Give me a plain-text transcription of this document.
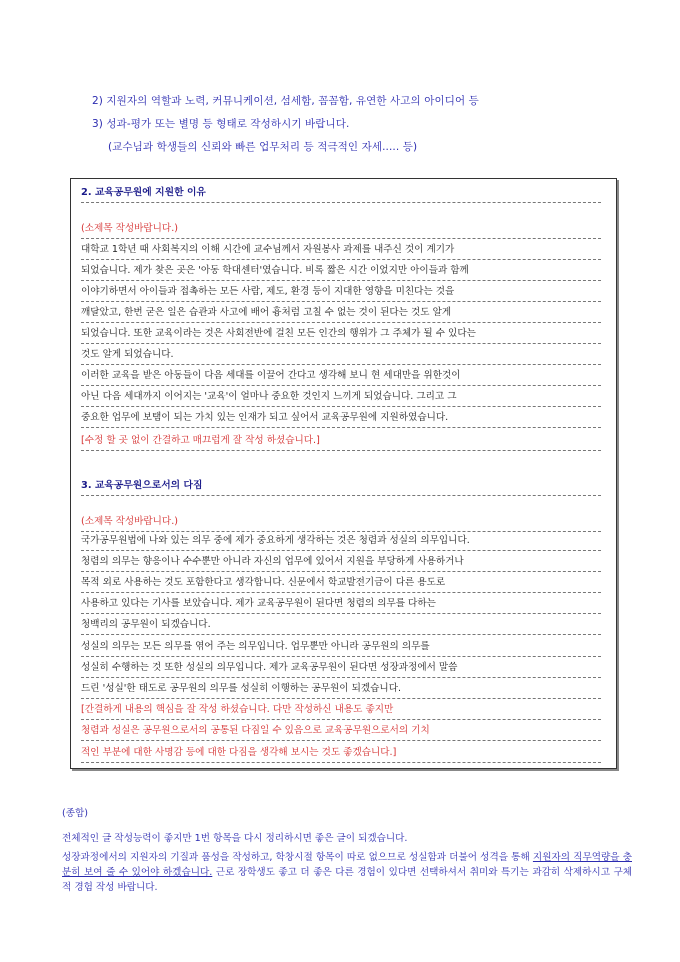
2) 지원자의 역할과 노력, 커뮤니케이션, 섬세함, 꼼꼼함, 유연한 사고의 아이디어 등
3) 성과-평가 또는 별명 등 형태로 작성하시기 바랍니다.
(교수님과 학생들의 신뢰와 빠른 업무처리 등 적극적인 자세..... 등)
2. 교육공무원에 지원한 이유
(소제목 작성바랍니다.)
대학교 1학년 때 사회복지의 이해 시간에 교수님께서 자원봉사 과제를 내주신 것이 계기가
되었습니다. 제가 찾은 곳은 '아동 학대센터'였습니다. 비록 짧은 시간 이었지만 아이들과 함께
이야기하면서 아이들과 접촉하는 모든 사람, 제도, 환경 등이 지대한 영향을 미친다는 것을
깨달았고, 한번 굳은 일은 습관과 사고에 배어 흉처럼 고칠 수 없는 것이 된다는 것도 알게
되었습니다. 또한 교육이라는 것은 사회전반에 걸친 모든 인간의 행위가 그 주체가 될 수 있다는
것도 알게 되었습니다.
이러한 교육을 받은 아동들이 다음 세대를 이끌어 간다고 생각해 보니 현 세대만을 위한것이
아닌 다음 세대까지 이어지는 '교육'이 얼마나 중요한 것인지 느끼게 되었습니다. 그리고 그
중요한 업무에 보탬이 되는 가치 있는 인재가 되고 싶어서 교육공무원에 지원하였습니다.
[수정 할 곳 없이 간결하고 매끄럽게 잘 작성 하셨습니다.]
3. 교육공무원으로서의 다짐
(소제목 작성바랍니다.)
국가공무원법에 나와 있는 의무 중에 제가 중요하게 생각하는 것은 청렴과 성실의 의무입니다.
청렴의 의무는 향응이나 수수뿐만 아니라 자신의 업무에 있어서 지원을 부당하게 사용하거나
목적 외로 사용하는 것도 포함한다고 생각합니다. 신문에서 학교발전기금이 다른 용도로
사용하고 있다는 기사를 보았습니다. 제가 교육공무원이 된다면 청렴의 의무를 다하는
청백리의 공무원이 되겠습니다.
성실의 의무는 모든 의무를 엮어 주는 의무입니다. 업무뿐만 아니라 공무원의 의무를
성실히 수행하는 것 또한 성실의 의무입니다. 제가 교육공무원이 된다면 성장과정에서 말씀
드린 '성실'한 태도로 공무원의 의무를 성실히 이행하는 공무원이 되겠습니다.
[간결하게 내용의 핵심을 잘 작성 하셨습니다. 다만 작성하신 내용도 좋지만
청렴과 성실은 공무원으로서의 공통된 다짐일 수 있음으로 교육공무원으로서의 기치
적인 부분에 대한 사명감 등에 대한 다짐을 생각해 보시는 것도 좋겠습니다.]
(종합)
전체적인 글 작성능력이 좋지만 1번 항목을 다시 정리하시면 좋은 글이 되겠습니다.
성장과정에서의 지원자의 기질과 품성을 작성하고, 학창시절 항목이 따로 없으므로 성실함과 더불어 성격을 통해 지원자의 직무역량을 충분히 보여 줄 수 있어야 하겠습니다. 근로 장학생도 좋고 더 좋은 다른 경험이 있다면 선택하셔서 취미와 특기는 과감히 삭제하시고 구체적 경험 작성 바랍니다.
